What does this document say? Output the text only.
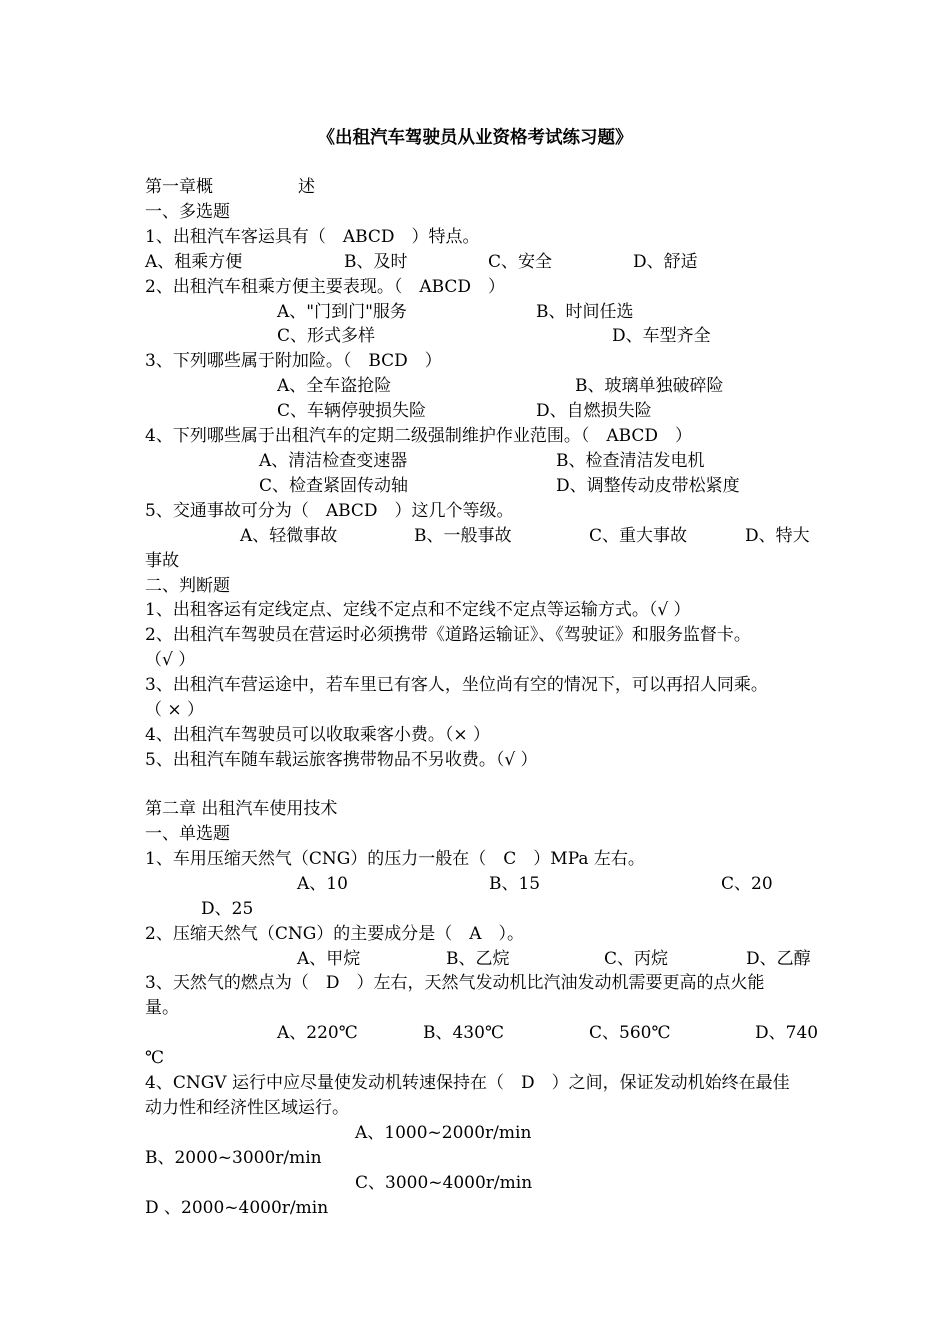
《出租汽车驾驶员从业资格考试练习题》
第一章概	述
一、多选题
1、出租汽车客运具有（　ABCD　）特点。
A、租乘方便	B、及时	C、安全	D、舒适
2、出租汽车租乘方便主要表现。（　ABCD　）
A、"门到门"服务	B、时间任选
C、形式多样	D、车型齐全
3、下列哪些属于附加险。（　BCD　）
A、全车盗抢险	B、玻璃单独破碎险
C、车辆停驶损失险	D、自燃损失险
4、下列哪些属于出租汽车的定期二级强制维护作业范围。（　ABCD　）
A、清洁检查变速器	B、检查清洁发电机
C、检查紧固传动轴	D、调整传动皮带松紧度
5、交通事故可分为（　ABCD　）这几个等级。
A、轻微事故	B、一般事故	C、重大事故	D、特大
事故
二、判断题
1、出租客运有定线定点、定线不定点和不定线不定点等运输方式。（√ ）
2、出租汽车驾驶员在营运时必须携带《道路运输证》、《驾驶证》和服务监督卡。
（√ ）
3、出租汽车营运途中，若车里已有客人，坐位尚有空的情况下，可以再招人同乘。
（ × ）
4、出租汽车驾驶员可以收取乘客小费。（× ）
5、出租汽车随车载运旅客携带物品不另收费。（√ ）
第二章 出租汽车使用技术
一、单选题
1、车用压缩天然气（CNG）的压力一般在（　C　）MPa 左右。
A、10	B、15	C、20
D、25
2、压缩天然气（CNG）的主要成分是（　A　）。
A、甲烷	B、乙烷	C、丙烷	D、乙醇
3、天然气的燃点为（　D　）左右，天然气发动机比汽油发动机需要更高的点火能
量。
A、220℃	B、430℃	C、560℃	D、740
℃
4、CNGV 运行中应尽量使发动机转速保持在（　D　）之间，保证发动机始终在最佳
动力性和经济性区域运行。
A、1000~2000r/min
B、2000~3000r/min
C、3000~4000r/min
D 、2000~4000r/min
